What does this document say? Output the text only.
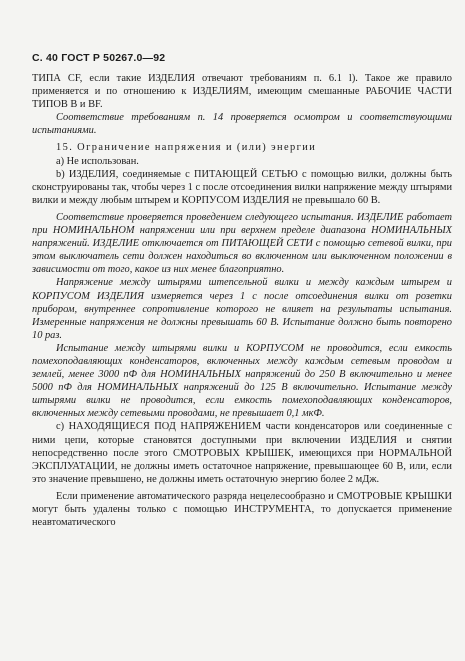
С. 40 ГОСТ Р 50267.0—92

ТИПА CF, если такие ИЗДЕЛИЯ отвечают требованиям п. 6.1 l). Такое же правило применяется и по отношению к ИЗДЕЛИЯМ, имеющим смешанные РАБОЧИЕ ЧАСТИ ТИПОВ В и BF.

Соответствие требованиям п. 14 проверяется осмотром и соответствующими испытаниями.

15. Ограничение напряжения и (или) энергии

а) Не использован.

b) ИЗДЕЛИЯ, соединяемые с ПИТАЮЩЕЙ СЕТЬЮ с помощью вилки, должны быть сконструированы так, чтобы через 1 с после отсоединения вилки напряжение между штырями вилки и между любым штырем и КОРПУСОМ ИЗДЕЛИЯ не превышало 60 В.

Соответствие проверяется проведением следующего испытания. ИЗДЕЛИЕ работает при НОМИНАЛЬНОМ напряжении или при верхнем пределе диапазона НОМИНАЛЬНЫХ напряжений. ИЗДЕЛИЕ отключается от ПИТАЮЩЕЙ СЕТИ с помощью сетевой вилки, при этом выключатель сети должен находиться во включенном или выключенном положении в зависимости от того, какое из них менее благоприятно.

Напряжение между штырями штепсельной вилки и между каждым штырем и КОРПУСОМ ИЗДЕЛИЯ измеряется через 1 с после отсоединения вилки от розетки прибором, внутреннее сопротивление которого не влияет на результаты испытания. Измеренные напряжения не должны превышать 60 В. Испытание должно быть повторено 10 раз.

Испытание между штырями вилки и КОРПУСОМ не проводится, если емкость помехоподавляющих конденсаторов, включенных между каждым сетевым проводом и землей, менее 3000 пФ для НОМИНАЛЬНЫХ напряжений до 250 В включительно и менее 5000 пФ для НОМИНАЛЬНЫХ напряжений до 125 В включительно. Испытание между штырями вилки не проводится, если емкость помехоподавляющих конденсаторов, включенных между сетевыми проводами, не превышает 0,1 мкФ.

с) НАХОДЯЩИЕСЯ ПОД НАПРЯЖЕНИЕМ части конденсаторов или соединенные с ними цепи, которые становятся доступными при включении ИЗДЕЛИЯ и снятии непосредственно после этого СМОТРОВЫХ КРЫШЕК, имеющихся при НОРМАЛЬНОЙ ЭКСПЛУАТАЦИИ, не должны иметь остаточное напряжение, превышающее 60 В, или, если это значение превышено, не должны иметь остаточную энергию более 2 мДж.

Если применение автоматического разряда нецелесообразно и СМОТРОВЫЕ КРЫШКИ могут быть удалены только с помощью ИНСТРУМЕНТА, то допускается применение неавтоматического
